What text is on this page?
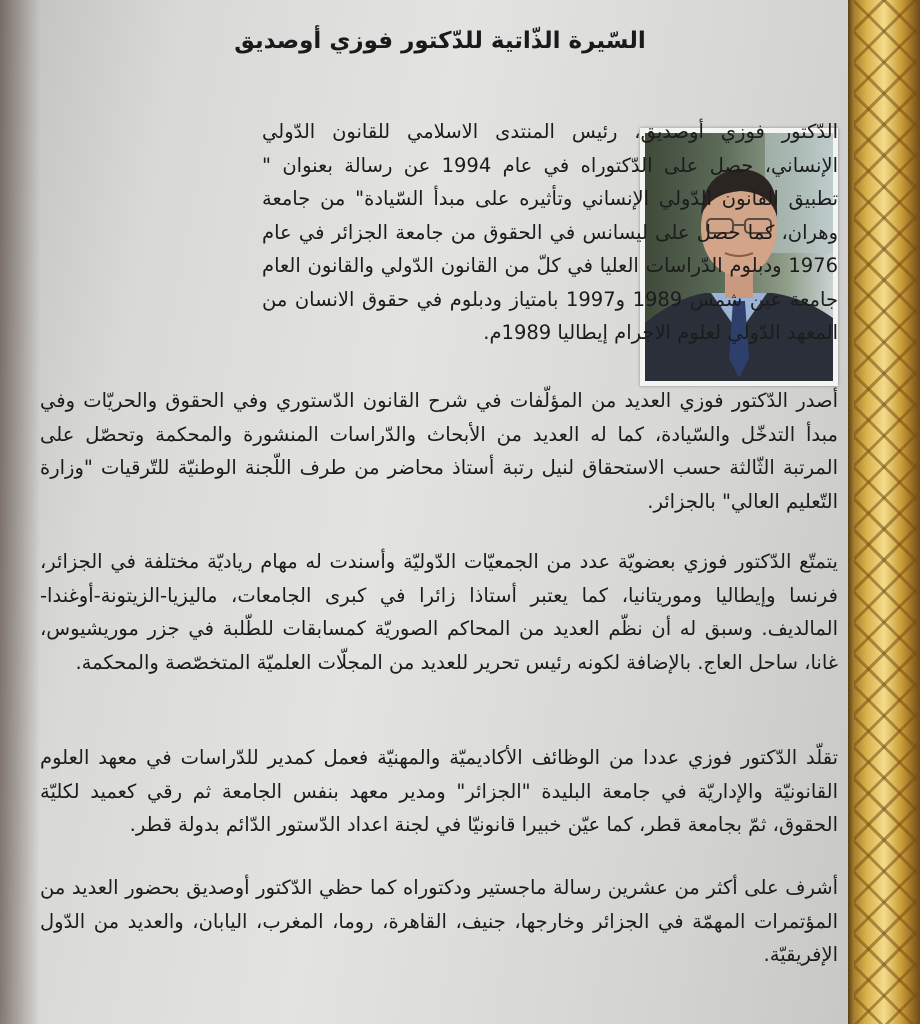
السّيرة الذّاتية للدّكتور فوزي أوصديق
الدّكتور فوزي أوصديق، رئيس المنتدى الاسلامي للقانون الدّولي الإنساني، حصل على الدّكتوراه في عام 1994 عن رسالة بعنوان " تطبيق القانون الدّولي الإنساني وتأثيره على مبدأ السّيادة" من جامعة وهران، كما حصل على ليسانس في الحقوق من جامعة الجزائر في عام 1976 ودبلوم الدّراسات العليا في كلّ من القانون الدّولي والقانون العام جامعة عين شمس 1989 و1997 بامتياز ودبلوم في حقوق الانسان من المعهد الدّولي لعلوم الاجرام إيطاليا 1989م.
أصدر الدّكتور فوزي العديد من المؤلّفات في شرح القانون الدّستوري وفي الحقوق والحريّات وفي مبدأ التدخّل والسّيادة، كما له العديد من الأبحاث والدّراسات المنشورة والمحكمة وتحصّل على المرتبة الثّالثة حسب الاستحقاق لنيل رتبة أستاذ محاضر من طرف اللّجنة الوطنيّة للتّرقيات "وزارة التّعليم العالي" بالجزائر.
يتمتّع الدّكتور فوزي بعضويّة عدد من الجمعيّات الدّوليّة وأسندت له مهام رياديّة مختلفة في الجزائر، فرنسا وإيطاليا وموريتانيا، كما يعتبر أستاذا زائرا في كبرى الجامعات، ماليزيا-الزيتونة-أوغندا-المالديف. وسبق له أن نظّم العديد من المحاكم الصوريّة كمسابقات للطّلبة في جزر موريشيوس، غانا، ساحل العاج. بالإضافة لكونه رئيس تحرير للعديد من المجلّات العلميّة المتخصّصة والمحكمة.
تقلّد الدّكتور فوزي عددا من الوظائف الأكاديميّة والمهنيّة فعمل كمدير للدّراسات في معهد العلوم القانونيّة والإداريّة في جامعة البليدة "الجزائر" ومدير معهد بنفس الجامعة ثم رقي كعميد لكليّة الحقوق، ثمّ بجامعة قطر، كما عيّن خبيرا قانونيّا في لجنة اعداد الدّستور الدّائم بدولة قطر.
أشرف على أكثر من عشرين رسالة ماجستير ودكتوراه كما حظي الدّكتور أوصديق بحضور العديد من المؤتمرات المهمّة في الجزائر وخارجها، جنيف، القاهرة، روما، المغرب، اليابان، والعديد من الدّول الإفريقيّة.
